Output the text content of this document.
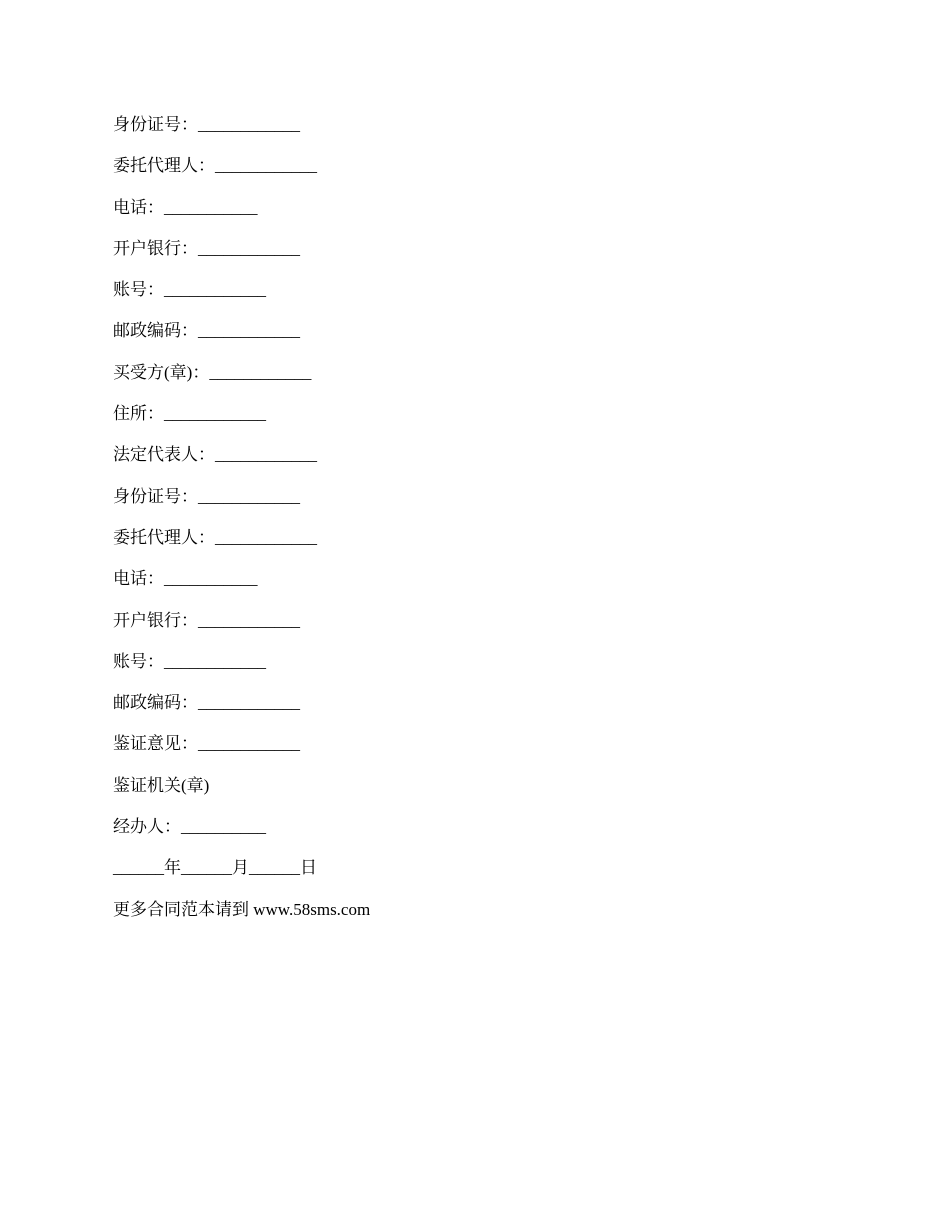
身份证号：____________
委托代理人：____________
电话：___________
开户银行：____________
账号：____________
邮政编码：____________
买受方(章)：____________
住所：____________
法定代表人：____________
身份证号：____________
委托代理人：____________
电话：___________
开户银行：____________
账号：____________
邮政编码：____________
鉴证意见：____________
鉴证机关(章)
经办人：__________
______年______月______日
更多合同范本请到 www.58sms.com
